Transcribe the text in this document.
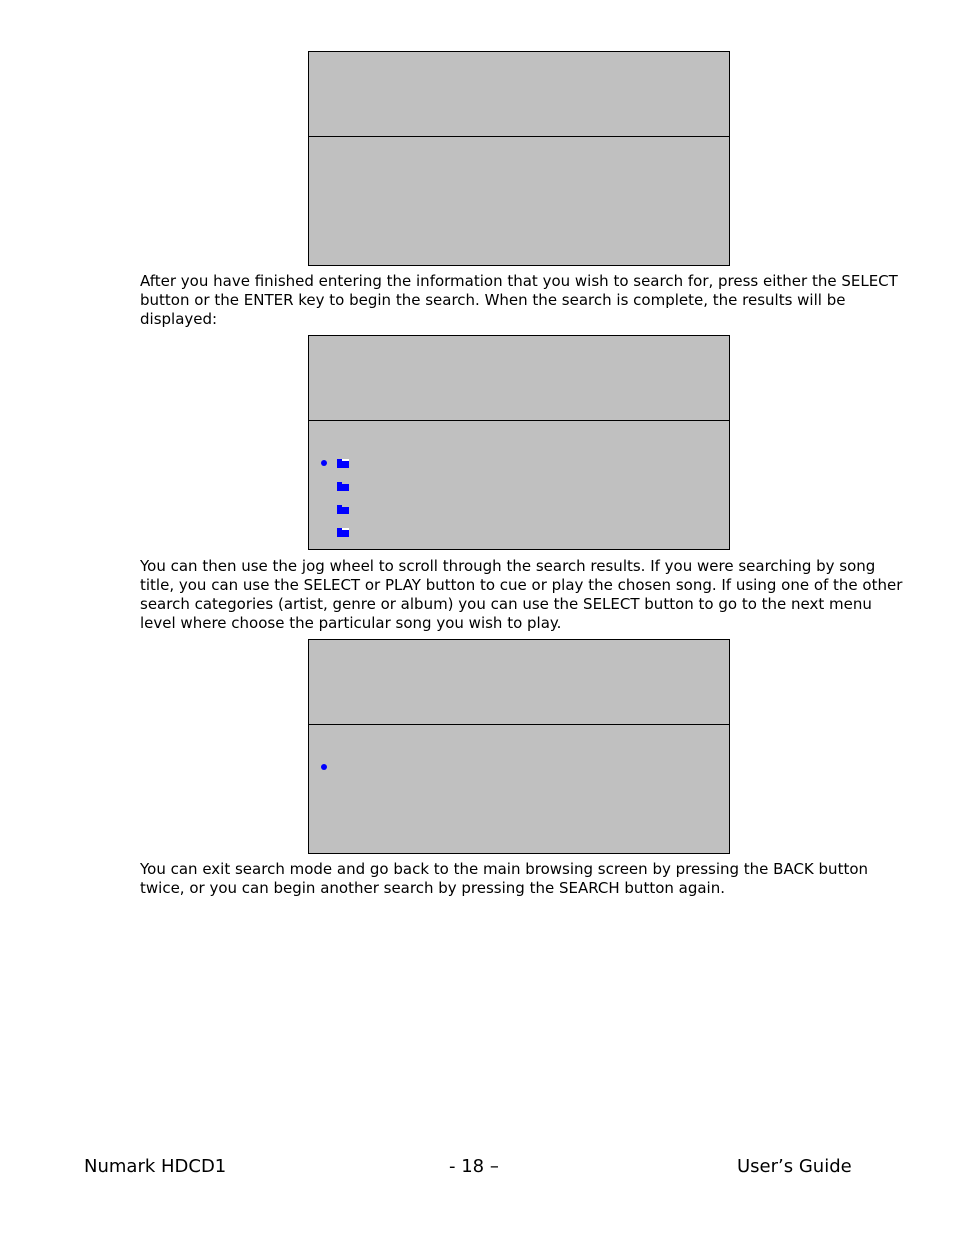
After you have finished entering the information that you wish to search for, press either the SELECT button or the ENTER key to begin the search. When the search is complete, the results will be displayed:

You can then use the jog wheel to scroll through the search results. If you were searching by song title, you can use the SELECT or PLAY button to cue or play the chosen song. If using one of the other search categories (artist, genre or album) you can use the SELECT button to go to the next menu level where choose the particular song you wish to play.

You can exit search mode and go back to the main browsing screen by pressing the BACK button twice, or you can begin another search by pressing the SEARCH button again.

Numark HDCD1	- 18 –	User’s Guide
